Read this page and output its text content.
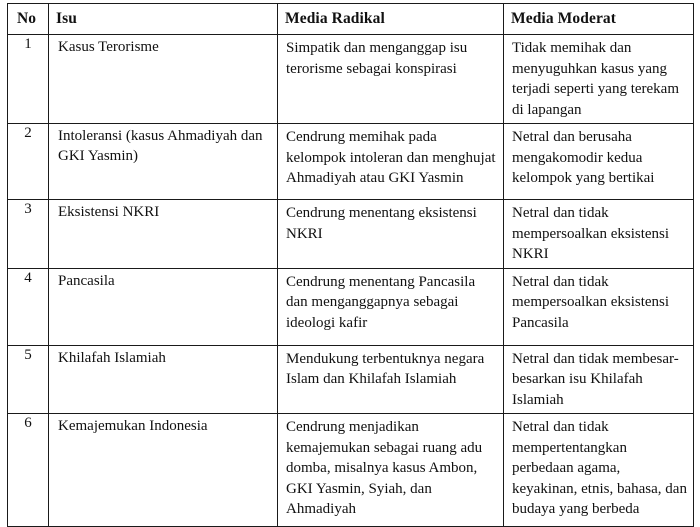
No	Isu	Media Radikal	Media Moderat

1	Kasus Terorisme	Simpatik dan menganggap isu terorisme sebagai konspirasi	Tidak memihak dan menyuguhkan kasus yang terjadi seperti yang terekam di lapangan

2	Intoleransi (kasus Ahmadiyah dan GKI Yasmin)	Cendrung memihak pada kelompok intoleran dan menghujat Ahmadiyah atau GKI Yasmin	Netral dan berusaha mengakomodir kedua kelompok yang bertikai

3	Eksistensi NKRI	Cendrung menentang eksistensi NKRI	Netral dan tidak mempersoalkan eksistensi NKRI

4	Pancasila	Cendrung menentang Pancasila dan menganggapnya sebagai ideologi kafir	Netral dan tidak mempersoalkan eksistensi Pancasila

5	Khilafah Islamiah	Mendukung terbentuknya negara Islam dan Khilafah Islamiah	Netral dan tidak membesar-besarkan isu Khilafah Islamiah

6	Kemajemukan Indonesia	Cendrung menjadikan kemajemukan sebagai ruang adu domba, misalnya kasus Ambon, GKI Yasmin, Syiah, dan Ahmadiyah	Netral dan tidak mempertentangkan perbedaan agama, keyakinan, etnis, bahasa, dan budaya yang berbeda
